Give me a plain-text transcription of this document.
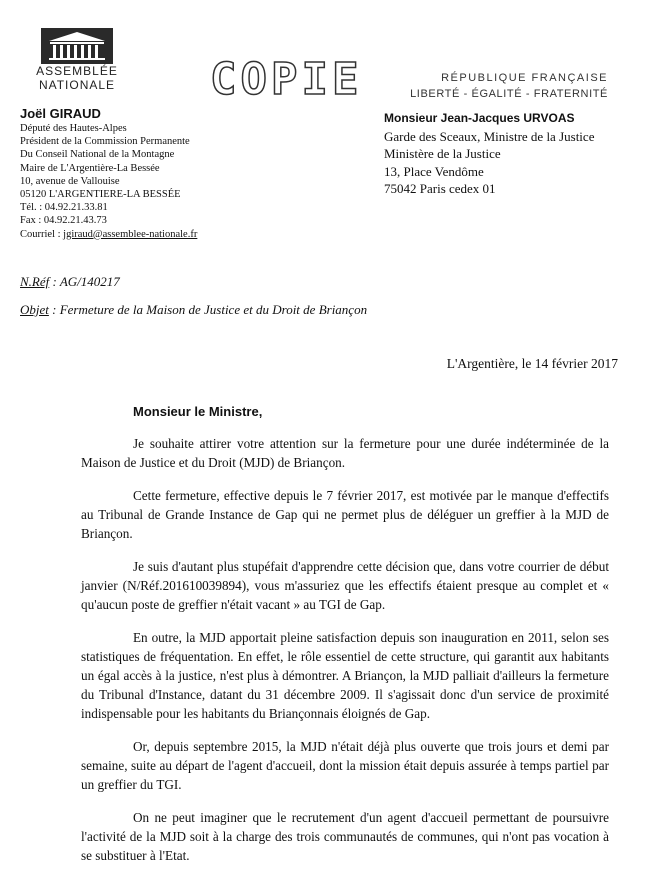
ASSEMBLÉE
NATIONALE COPIE	RÉPUBLIQUE FRANÇAISE
LIBERTÉ - ÉGALITÉ - FRATERNITÉ
Joël GIRAUD
Député des Hautes-Alpes
Président de la Commission Permanente
Du Conseil National de la Montagne
Maire de L'Argentière-La Bessée
10, avenue de Vallouise
05120 L'ARGENTIERE-LA BESSÉE
Tél. : 04.92.21.33.81
Fax : 04.92.21.43.73
Courriel : jgiraud@assemblee-nationale.fr
Monsieur Jean-Jacques URVOAS
Garde des Sceaux, Ministre de la Justice
Ministère de la Justice
13, Place Vendôme
75042 Paris cedex 01
N.Réf : AG/140217
Objet : Fermeture de la Maison de Justice et du Droit de Briançon
L'Argentière, le 14 février 2017
Monsieur le Ministre,

Je souhaite attirer votre attention sur la fermeture pour une durée indéterminée de la Maison de Justice et du Droit (MJD) de Briançon.

Cette fermeture, effective depuis le 7 février 2017, est motivée par le manque d'effectifs au Tribunal de Grande Instance de Gap qui ne permet plus de déléguer un greffier à la MJD de Briançon.

Je suis d'autant plus stupéfait d'apprendre cette décision que, dans votre courrier de début janvier (N/Réf.201610039894), vous m'assuriez que les effectifs étaient presque au complet et « qu'aucun poste de greffier n'était vacant » au TGI de Gap.

En outre, la MJD apportait pleine satisfaction depuis son inauguration en 2011, selon ses statistiques de fréquentation. En effet, le rôle essentiel de cette structure, qui garantit aux habitants un égal accès à la justice, n'est plus à démontrer. A Briançon, la MJD palliait d'ailleurs la fermeture du Tribunal d'Instance, datant du 31 décembre 2009. Il s'agissait donc d'un service de proximité indispensable pour les habitants du Briançonnais éloignés de Gap.

Or, depuis septembre 2015, la MJD n'était déjà plus ouverte que trois jours et demi par semaine, suite au départ de l'agent d'accueil, dont la mission était depuis assurée à temps partiel par un greffier du TGI.

On ne peut imaginer que le recrutement d'un agent d'accueil permettant de poursuivre l'activité de la MJD soit à la charge des trois communautés de communes, qui n'ont pas vocation à se substituer à l'Etat.
